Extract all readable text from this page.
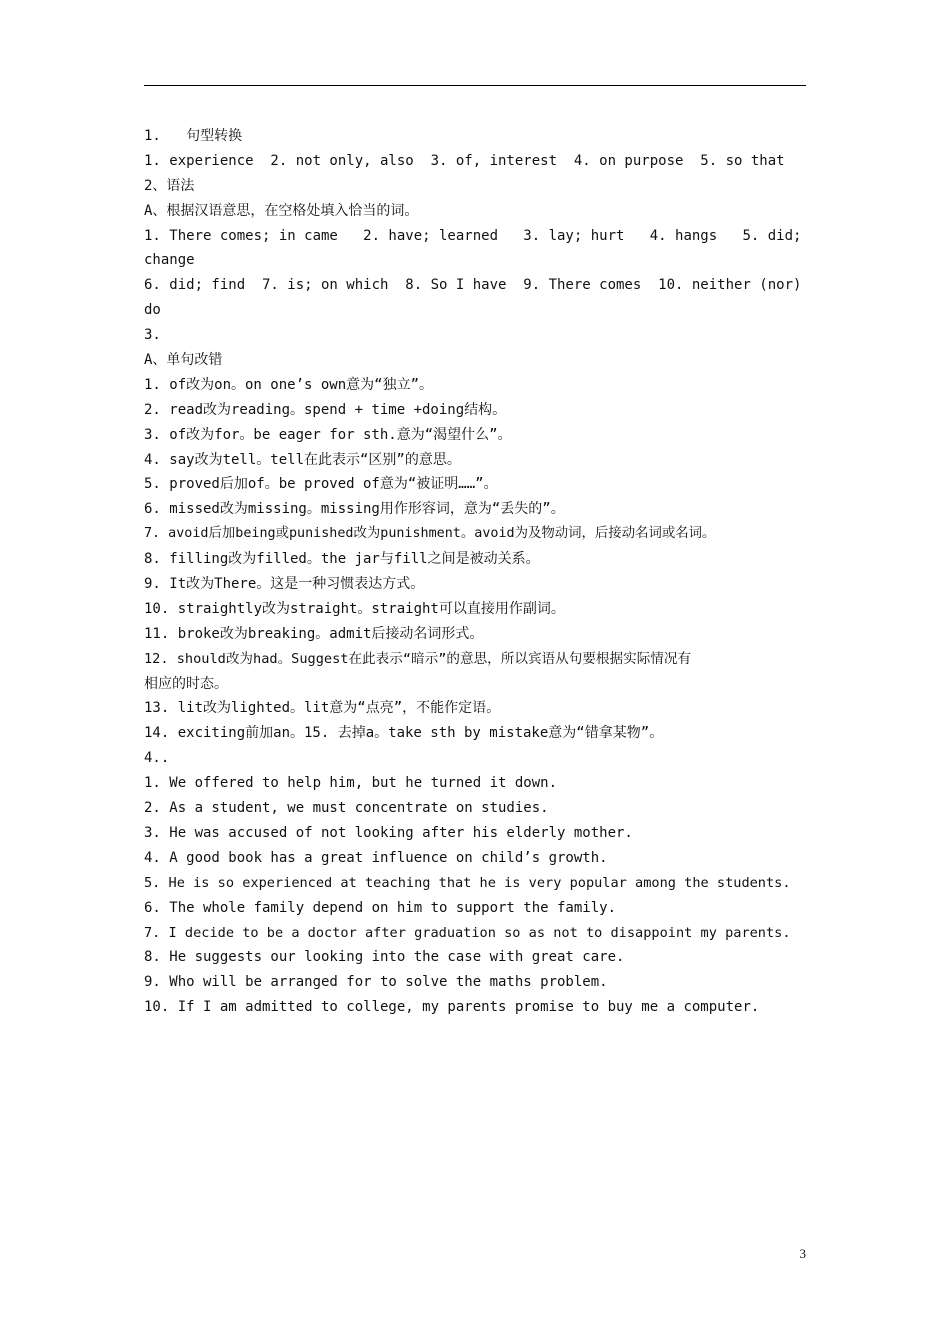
1.   句型转换
1. experience  2. not only, also  3. of, interest  4. on purpose  5. so that
2、语法
A、根据汉语意思，在空格处填入恰当的词。
1. There comes; in came   2. have; learned   3. lay; hurt   4. hangs   5. did;
change
6. did; find  7. is; on which  8. So I have  9. There comes  10. neither (nor)
do
3.
A、单句改错
1. of改为on。on one’s own意为“独立”。
2. read改为reading。spend + time +doing结构。
3. of改为for。be eager for sth.意为“渴望什么”。
4. say改为tell。tell在此表示“区别”的意思。
5. proved后加of。be proved of意为“被证明……”。
6. missed改为missing。missing用作形容词，意为“丢失的”。
7. avoid后加being或punished改为punishment。avoid为及物动词，后接动名词或名词。
8. filling改为filled。the jar与fill之间是被动关系。
9. It改为There。这是一种习惯表达方式。
10. straightly改为straight。straight可以直接用作副词。
11. broke改为breaking。admit后接动名词形式。
12. should改为had。Suggest在此表示“暗示”的意思，所以宾语从句要根据实际情况有
相应的时态。
13. lit改为lighted。lit意为“点亮”，不能作定语。
14. exciting前加an。15. 去掉a。take sth by mistake意为“错拿某物”。
4..
1. We offered to help him, but he turned it down.
2. As a student, we must concentrate on studies.
3. He was accused of not looking after his elderly mother.
4. A good book has a great influence on child’s growth.
5. He is so experienced at teaching that he is very popular among the students.
6. The whole family depend on him to support the family.
7. I decide to be a doctor after graduation so as not to disappoint my parents.
8. He suggests our looking into the case with great care.
9. Who will be arranged for to solve the maths problem.
10. If I am admitted to college, my parents promise to buy me a computer.
3
